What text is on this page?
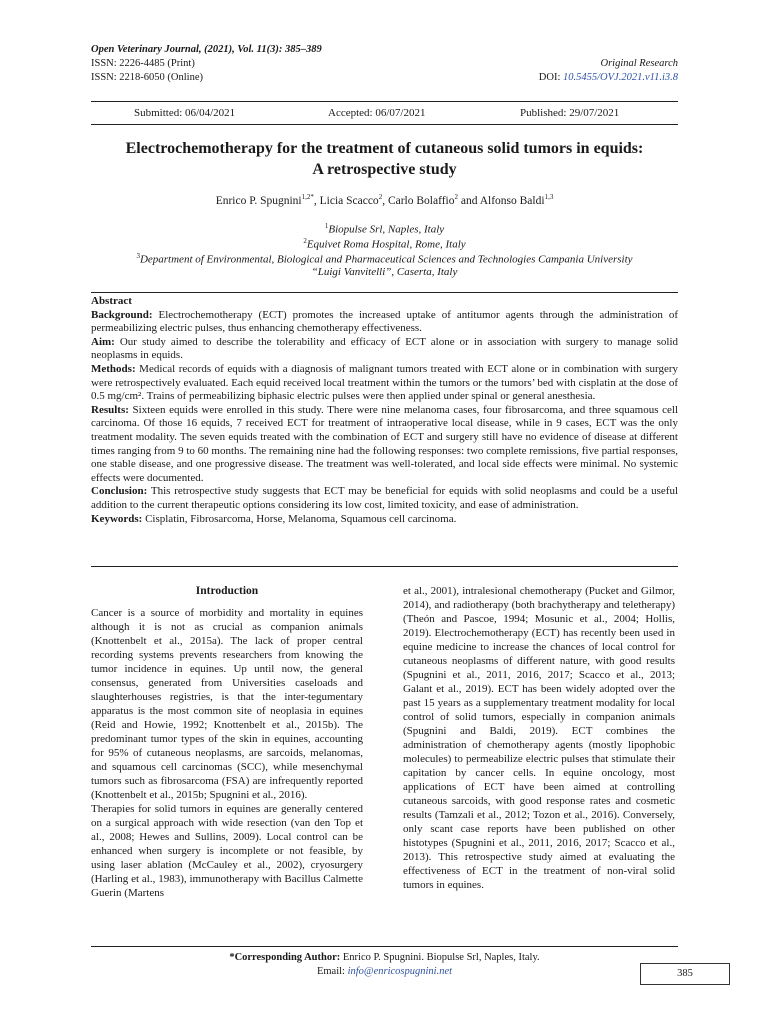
Open Veterinary Journal, (2021), Vol. 11(3): 385–389
ISSN: 2226-4485 (Print)
ISSN: 2218-6050 (Online)
Original Research
DOI: 10.5455/OVJ.2021.v11.i3.8
Submitted: 06/04/2021	Accepted: 06/07/2021	Published: 29/07/2021
Electrochemotherapy for the treatment of cutaneous solid tumors in equids:
A retrospective study
Enrico P. Spugnini$^{1,2*}$, Licia Scacco$^2$, Carlo Bolaffio$^2$ and Alfonso Baldi$^{1,3}$
$^1$Biopulse Srl, Naples, Italy
$^2$Equivet Roma Hospital, Rome, Italy
$^3$Department of Environmental, Biological and Pharmaceutical Sciences and Technologies Campania University
“Luigi Vanvitelli”, Caserta, Italy

Abstract

Background: Electrochemotherapy (ECT) promotes the increased uptake of antitumor agents through the administration of permeabilizing electric pulses, thus enhancing chemotherapy effectiveness.

Aim: Our study aimed to describe the tolerability and efficacy of ECT alone or in association with surgery to manage solid neoplasms in equids.

Methods: Medical records of equids with a diagnosis of malignant tumors treated with ECT alone or in combination with surgery were retrospectively evaluated. Each equid received local treatment within the tumors or the tumors’ bed with cisplatin at the dose of 0.5 mg/cm². Trains of permeabilizing biphasic electric pulses were then applied under spinal or general anesthesia.

Results: Sixteen equids were enrolled in this study. There were nine melanoma cases, four fibrosarcoma, and three squamous cell carcinoma. Of those 16 equids, 7 received ECT for treatment of intraoperative local disease, while in 9 cases, ECT was the only treatment modality. The seven equids treated with the combination of ECT and surgery still have no evidence of disease at different times ranging from 9 to 60 months. The remaining nine had the following responses: two complete remissions, five partial responses, one stable disease, and one progressive disease. The treatment was well-tolerated, and local side effects were minimal. No systemic effects were documented.

Conclusion: This retrospective study suggests that ECT may be beneficial for equids with solid neoplasms and could be a useful addition to the current therapeutic options considering its low cost, limited toxicity, and ease of administration.

Keywords: Cisplatin, Fibrosarcoma, Horse, Melanoma, Squamous cell carcinoma.

Introduction

Cancer is a source of morbidity and mortality in equines although it is not as crucial as companion animals (Knottenbelt et al., 2015a). The lack of proper central recording systems prevents researchers from knowing the tumor incidence in equines. Up until now, the general consensus, generated from Universities caseloads and slaughterhouses registries, is that the inter-tegumentary apparatus is the most common site of neoplasia in equines (Reid and Howie, 1992; Knottenbelt et al., 2015b). The predominant tumor types of the skin in equines, accounting for 95% of cutaneous neoplasms, are sarcoids, melanomas, and squamous cell carcinomas (SCC), while mesenchymal tumors such as fibrosarcoma (FSA) are infrequently reported (Knottenbelt et al., 2015b; Spugnini et al., 2016).

Therapies for solid tumors in equines are generally centered on a surgical approach with wide resection (van den Top et al., 2008; Hewes and Sullins, 2009). Local control can be enhanced when surgery is incomplete or not feasible, by using laser ablation (McCauley et al., 2002), cryosurgery (Harling et al., 1983), immunotherapy with Bacillus Calmette Guerin (Martens

et al., 2001), intralesional chemotherapy (Pucket and Gilmor, 2014), and radiotherapy (both brachytherapy and teletherapy) (Theón and Pascoe, 1994; Mosunic et al., 2004; Hollis, 2019). Electrochemotherapy (ECT) has recently been used in equine medicine to increase the chances of local control for cutaneous neoplasms of different nature, with good results (Spugnini et al., 2011, 2016, 2017; Scacco et al., 2013; Galant et al., 2019). ECT has been widely adopted over the past 15 years as a supplementary treatment modality for local control of solid tumors, especially in companion animals (Spugnini and Baldi, 2019). ECT combines the administration of chemotherapy agents (mostly lipophobic molecules) to permeabilize electric pulses that stimulate their capitation by cancer cells. In equine oncology, most applications of ECT have been aimed at controlling cutaneous sarcoids, with good response rates and cosmetic results (Tamzali et al., 2012; Tozon et al., 2016). Conversely, only scant case reports have been published on other histotypes (Spugnini et al., 2011, 2016, 2017; Scacco et al., 2013). This retrospective study aimed at evaluating the effectiveness of ECT in the treatment of non-viral solid tumors in equines.

*Corresponding Author: Enrico P. Spugnini. Biopulse Srl, Naples, Italy.
Email: info@enricospugnini.net	385
